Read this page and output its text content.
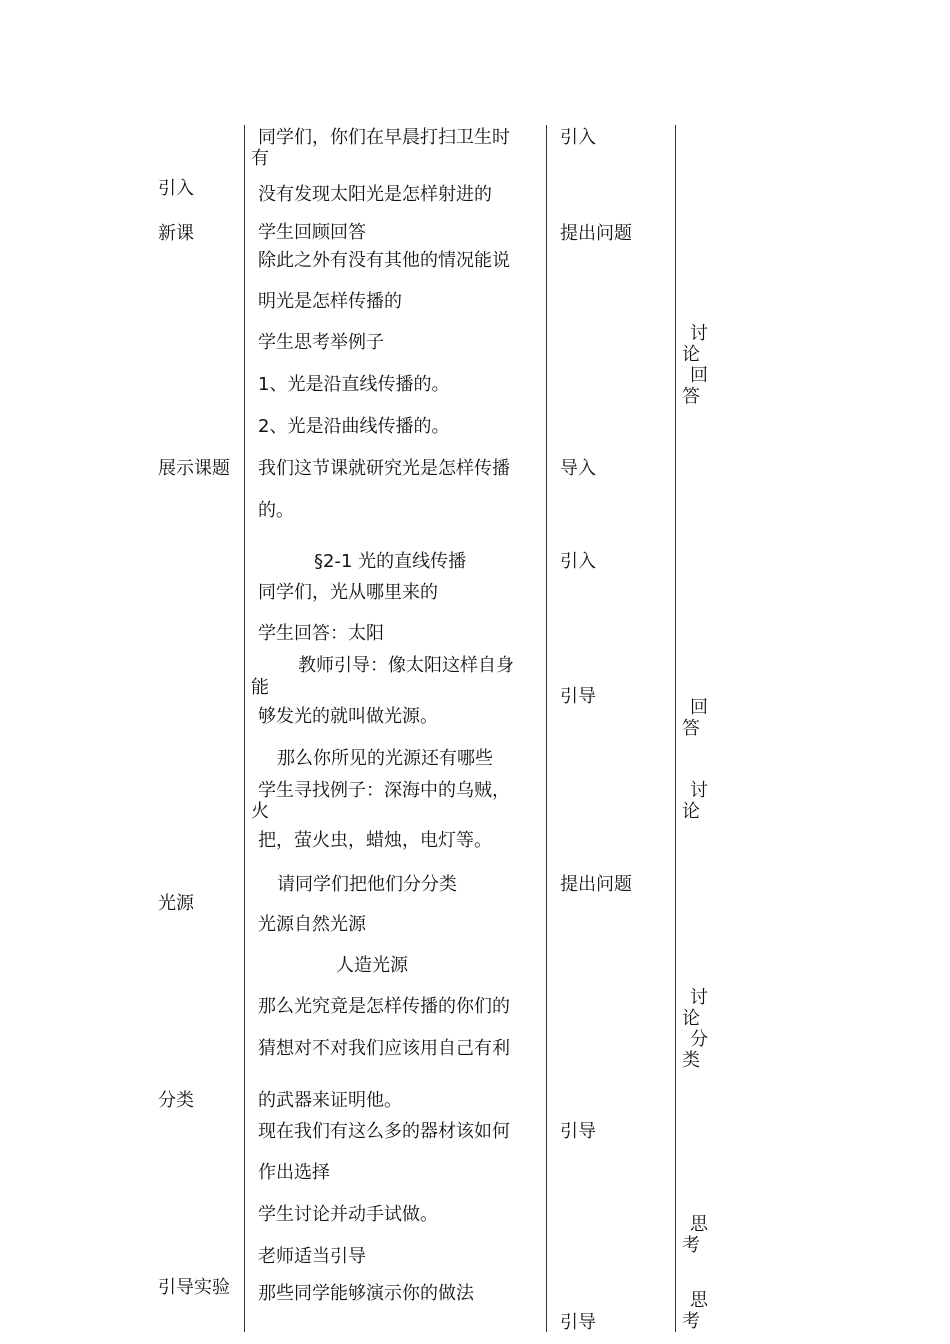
引入
新课
展示课题
光源
分类
引导实验
同学们，你们在早晨打扫卫生时
有
没有发现太阳光是怎样射进的
学生回顾回答
除此之外有没有其他的情况能说
明光是怎样传播的
学生思考举例子
1、光是沿直线传播的。
2、光是沿曲线传播的。
我们这节课就研究光是怎样传播
的。
§2-1 光的直线传播
同学们，光从哪里来的
学生回答：太阳
教师引导：像太阳这样自身
能
够发光的就叫做光源。
那么你所见的光源还有哪些
学生寻找例子：深海中的乌贼，
火
把，萤火虫，蜡烛，电灯等。
请同学们把他们分分类
光源自然光源
人造光源
那么光究竟是怎样传播的你们的
猜想对不对我们应该用自己有利
的武器来证明他。
现在我们有这么多的器材该如何
作出选择
学生讨论并动手试做。
老师适当引导
那些同学能够演示你的做法
引入
提出问题
导入
引入
引导
提出问题
引导
引导
讨
论
回
答
回
答
讨
论
讨
论
分
类
思
考
思
考
